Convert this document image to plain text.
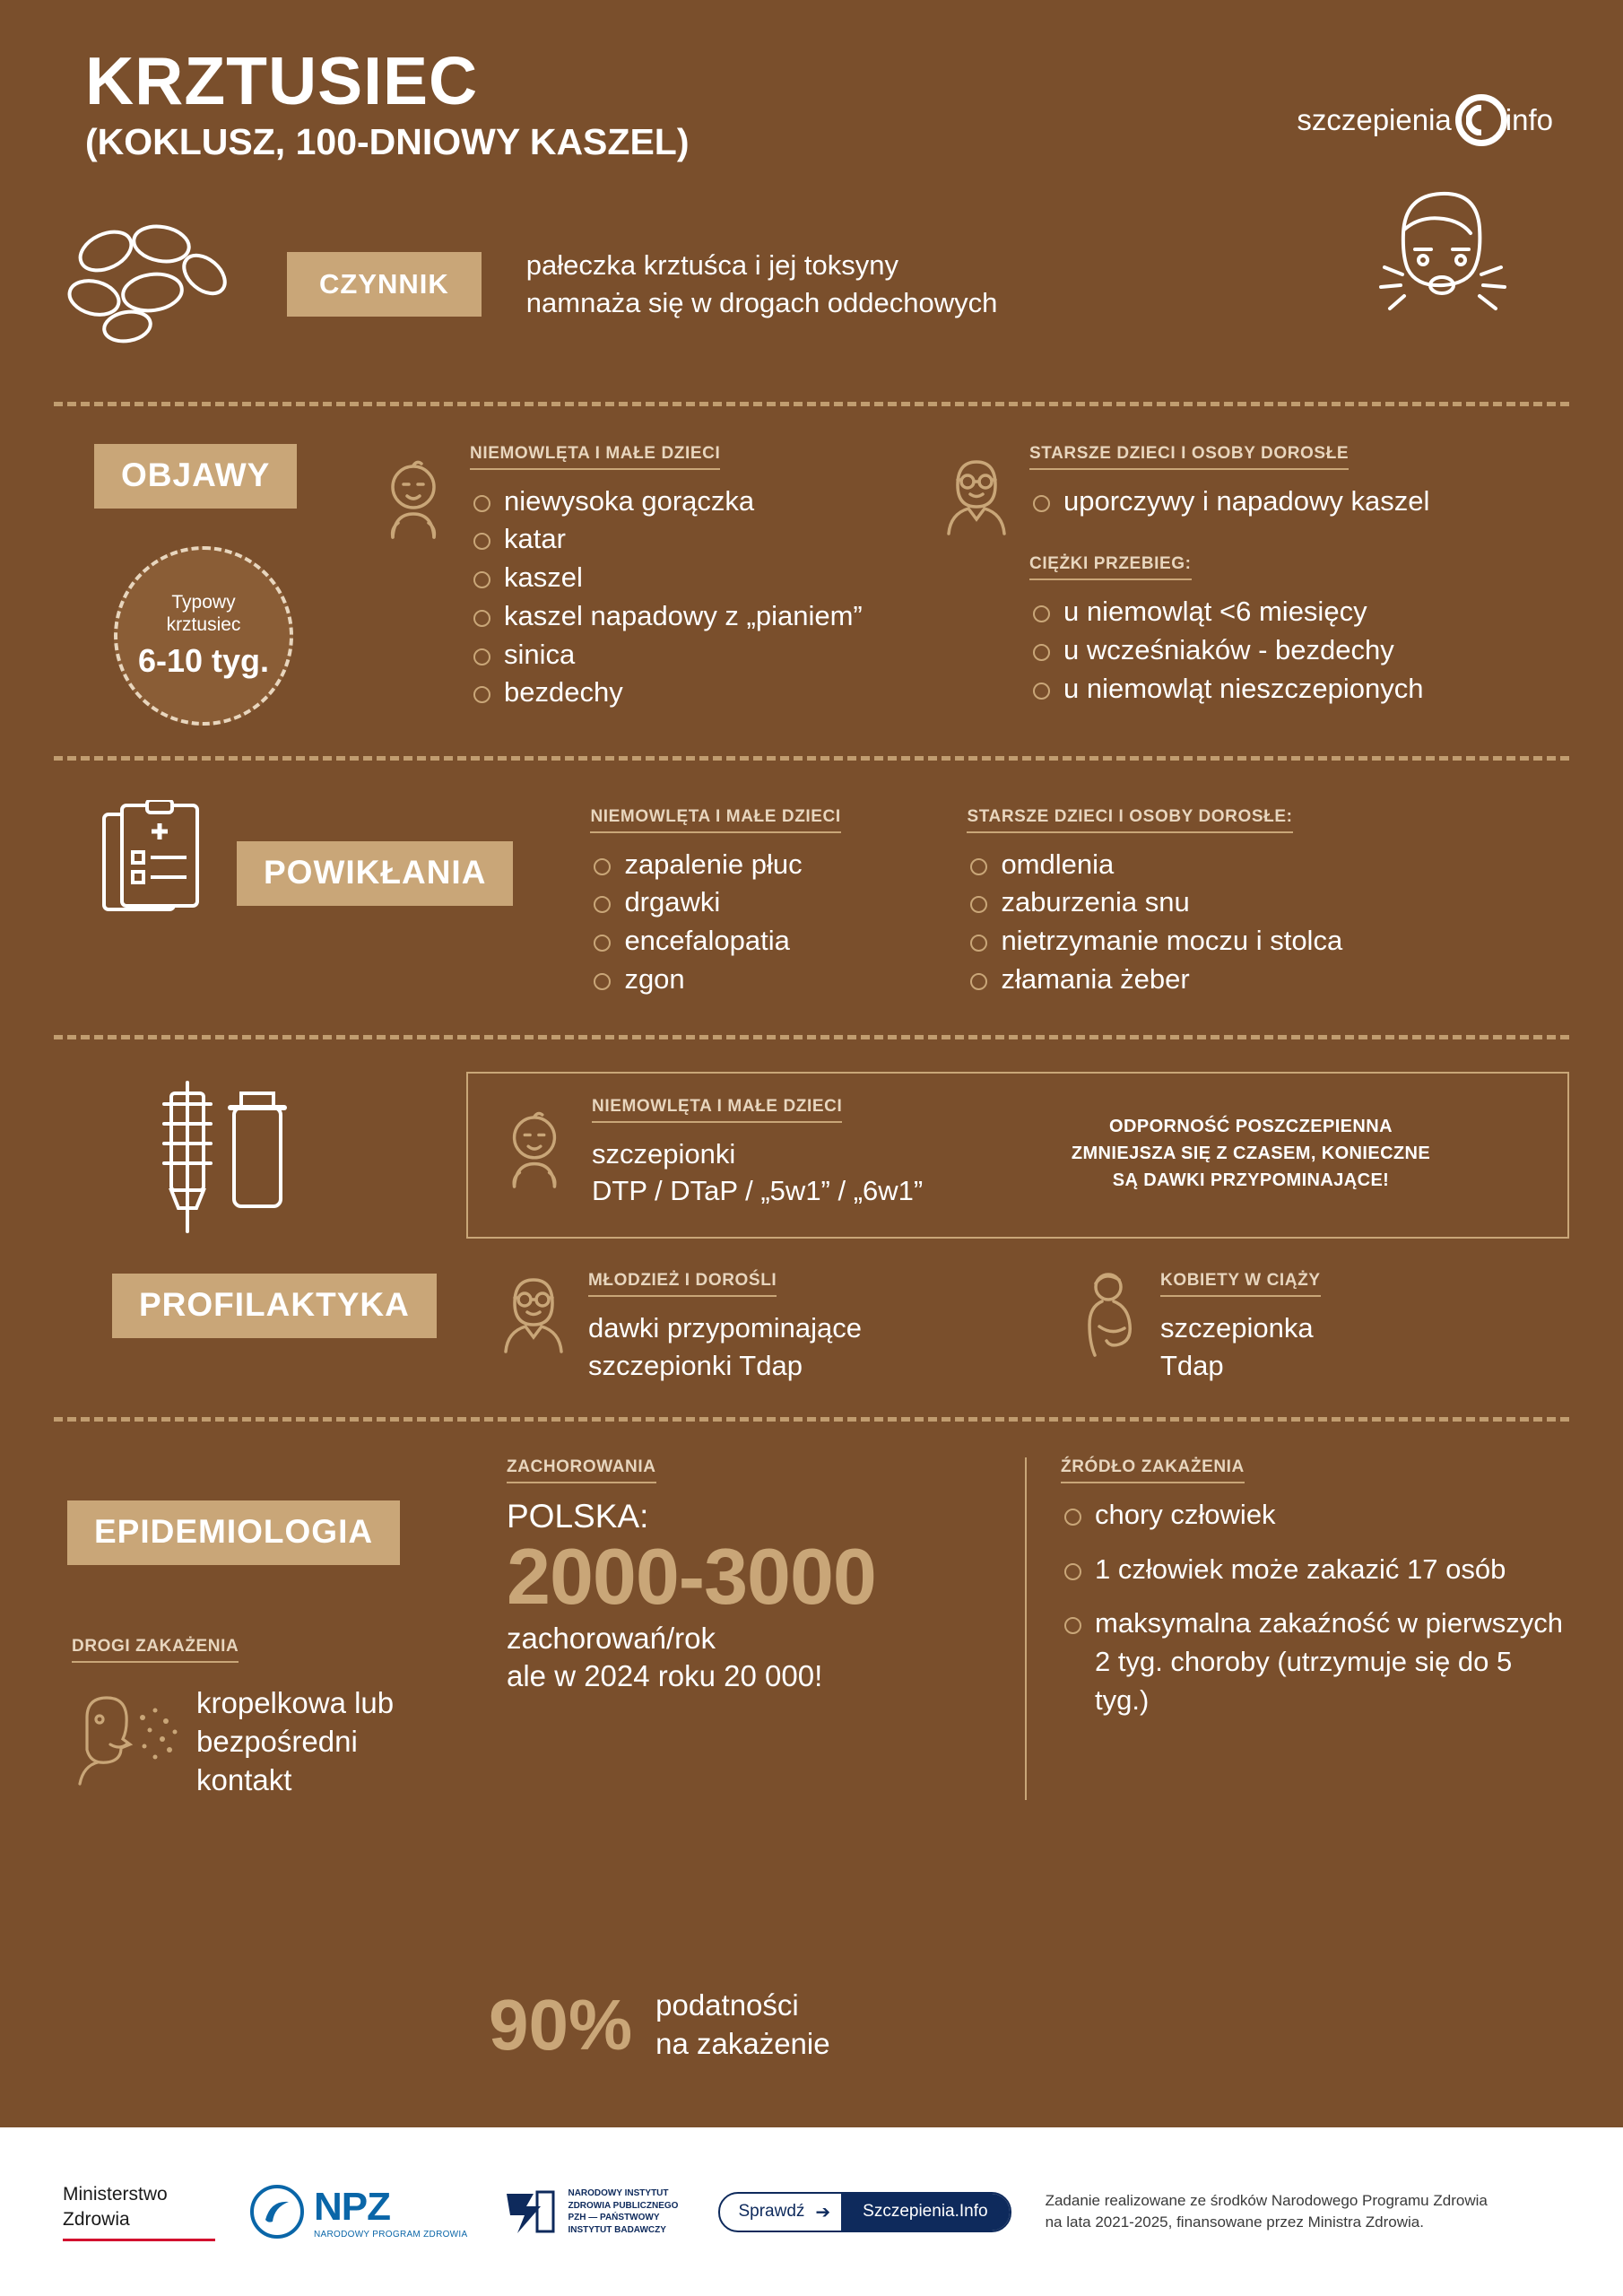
KRZTUSIEC
(KOKLUSZ, 100-DNIOWY KASZEL)
szczepienia info
CZYNNIK
pałeczka krztuśca i jej toksyny
namnaża się w drogach oddechowych
OBJAWY
Typowy
krztusiec
6-10 tyg.
NIEMOWLĘTA I MAŁE DZIECI
niewysoka gorączka
katar
kaszel
kaszel napadowy z „pianiem”
sinica
bezdechy
STARSZE DZIECI I OSOBY DOROSŁE
uporczywy i napadowy kaszel
CIĘŻKI PRZEBIEG:
u niemowląt <6 miesięcy
u wcześniaków - bezdechy
u niemowląt nieszczepionych
POWIKŁANIA
NIEMOWLĘTA I MAŁE DZIECI
zapalenie płuc
drgawki
encefalopatia
zgon
STARSZE DZIECI I OSOBY DOROSŁE:
omdlenia
zaburzenia snu
nietrzymanie moczu i stolca
złamania żeber
PROFILAKTYKA
NIEMOWLĘTA I MAŁE DZIECI
szczepionki
DTP / DTaP / „5w1” / „6w1”
ODPORNOŚĆ POSZCZEPIENNA ZMNIEJSZA SIĘ Z CZASEM, KONIECZNE SĄ DAWKI PRZYPOMINAJĄCE!
MŁODZIEŻ I DOROŚLI
dawki przypominające
szczepionki Tdap
KOBIETY W CIĄŻY
szczepionka
Tdap
EPIDEMIOLOGIA
DROGI ZAKAŻENIA
kropelkowa lub bezpośredni kontakt
ZACHOROWANIA
POLSKA:
2000-3000
zachorowań/rok
ale w 2024 roku 20 000!
ŹRÓDŁO ZAKAŻENIA
chory człowiek
1 człowiek może zakazić 17 osób
maksymalna zakaźność w pierwszych 2 tyg. choroby (utrzymuje się do 5 tyg.)
90% podatności
na zakażenie
Ministerstwo
Zdrowia	NPZ
NARODOWY PROGRAM ZDROWIA
NARODOWY INSTYTUT ZDROWIA PUBLICZNEGO PZH — PAŃSTWOWY INSTYTUT BADAWCZY
Sprawdź ➔	Szczepienia.Info
Zadanie realizowane ze środków Narodowego Programu Zdrowia
na lata 2021-2025, finansowane przez Ministra Zdrowia.
